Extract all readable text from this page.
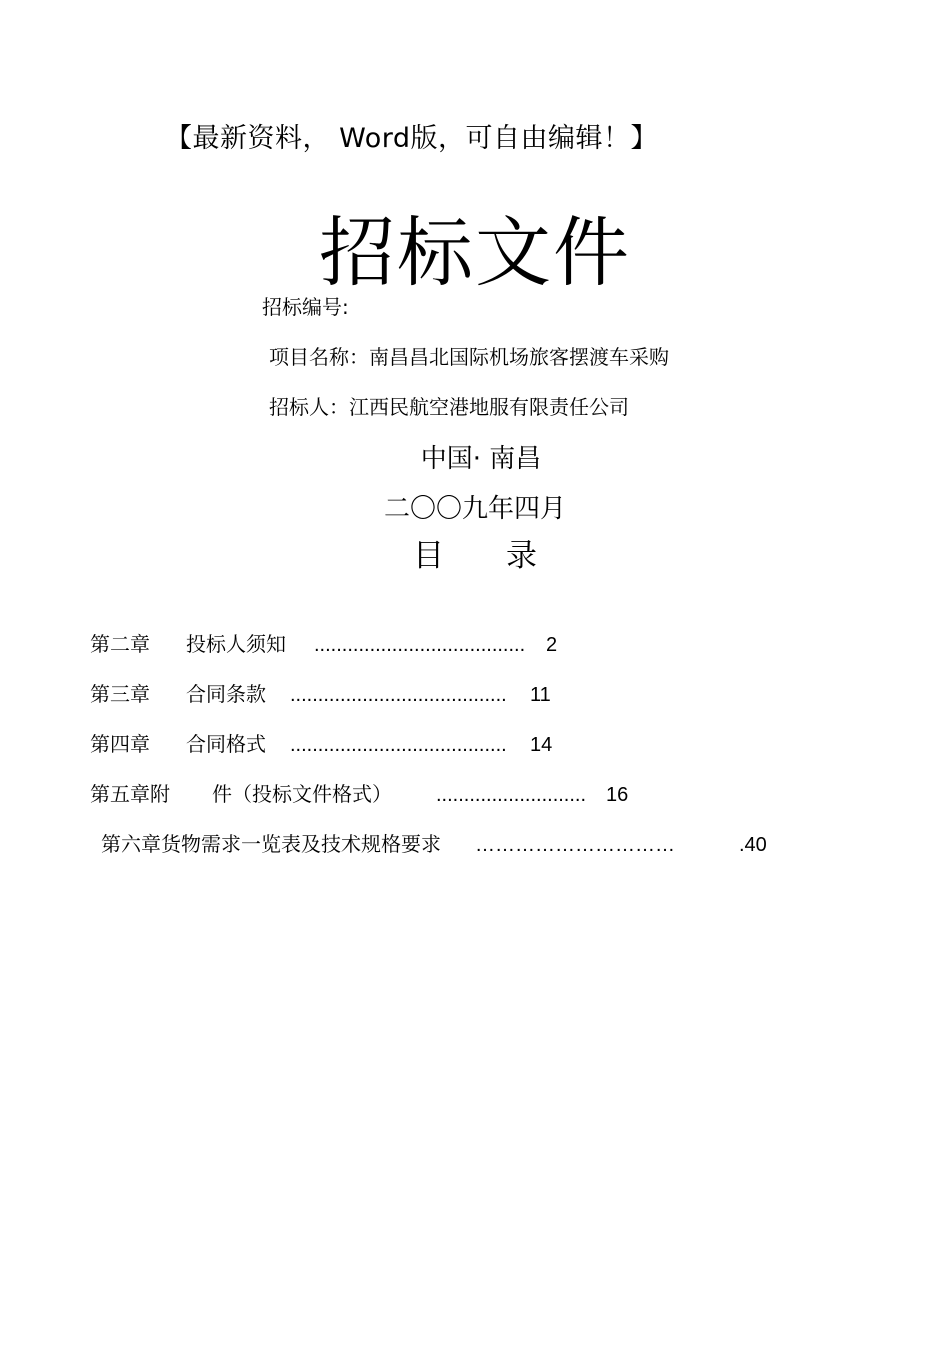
【最新资料， Word版，可自由编辑！】
招标文件
招标编号:
项目名称：南昌昌北国际机场旅客摆渡车采购
招标人：江西民航空港地服有限责任公司
中国· 南昌
二〇〇九年四月
目 录
第二章	投标人须知	......................................	2
第三章	合同条款	.......................................	11
第四章	合同格式	.......................................	14
第五章附	件（投标文件格式）	........................... 16
第六章货物需求一览表及技术规格要求	…………………………	.40
